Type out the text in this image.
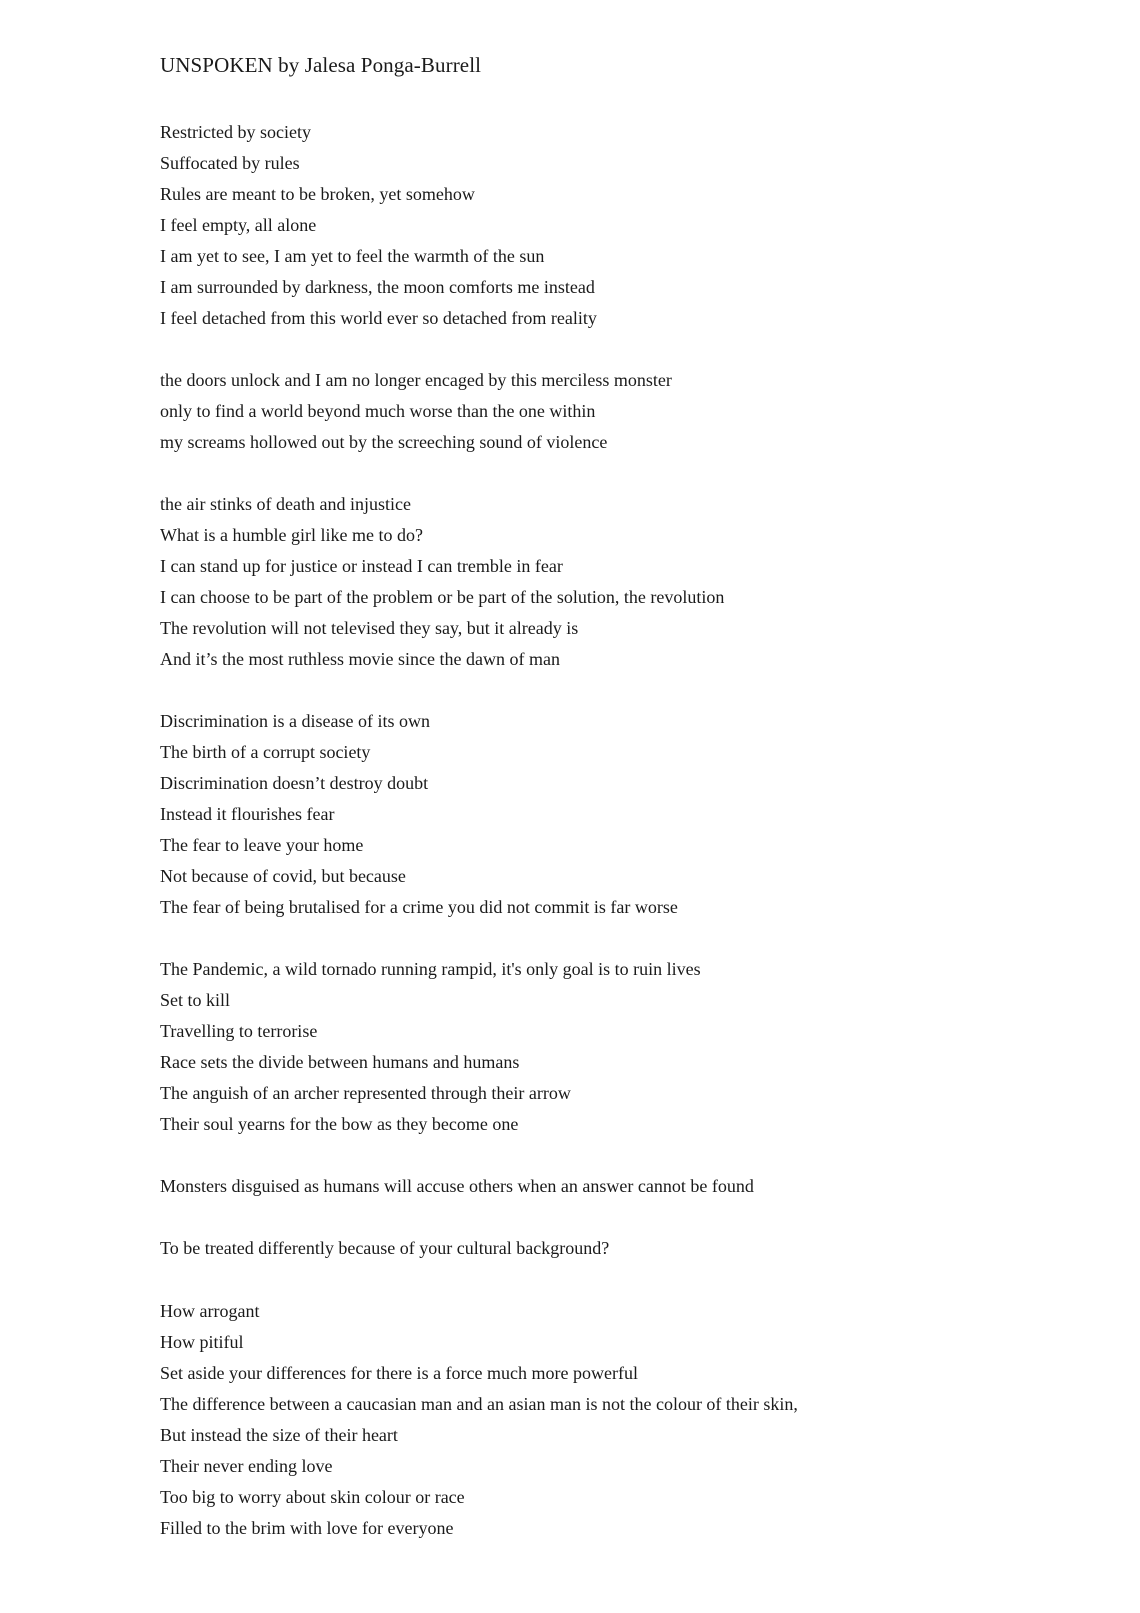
UNSPOKEN by Jalesa Ponga-Burrell
Restricted by society
Suffocated by rules
Rules are meant to be broken, yet somehow
I feel empty, all alone
I am yet to see, I am yet to feel the warmth of the sun
I am surrounded by darkness, the moon comforts me instead
I feel detached from this world ever so detached from reality
the doors unlock and I am no longer encaged by this merciless monster
only to find a world beyond much worse than the one within
my screams hollowed out by the screeching sound of violence
the air stinks of death and injustice
What is a humble girl like me to do?
I can stand up for justice or instead I can tremble in fear
I can choose to be part of the problem or be part of the solution, the revolution
The revolution will not televised they say, but it already is
And it’s the most ruthless movie since the dawn of man
Discrimination is a disease of its own
The birth of a corrupt society
Discrimination doesn’t destroy doubt
Instead it flourishes fear
The fear to leave your home
Not because of covid, but because
The fear of being brutalised for a crime you did not commit is far worse
The Pandemic, a wild tornado running rampid, it's only goal is to ruin lives
Set to kill
Travelling to terrorise
Race sets the divide between humans and humans
The anguish of an archer represented through their arrow
Their soul yearns for the bow as they become one
Monsters disguised as humans will accuse others when an answer cannot be found
To be treated differently because of your cultural background?
How arrogant
How pitiful
Set aside your differences for there is a force much more powerful
The difference between a caucasian man and an asian man is not the colour of their skin,
But instead the size of their heart
Their never ending love
Too big to worry about skin colour or race
Filled to the brim with love for everyone
